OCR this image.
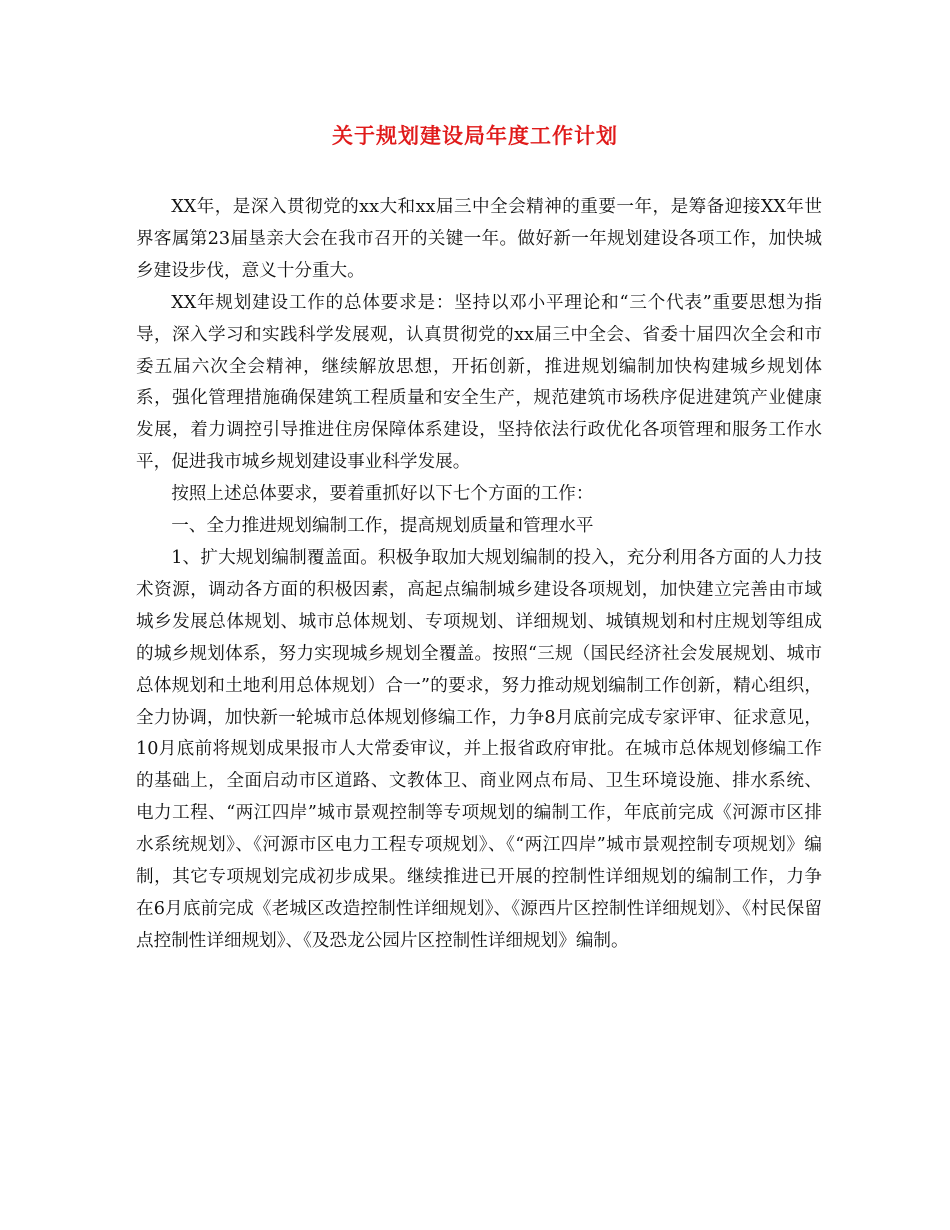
关于规划建设局年度工作计划

XX年，是深入贯彻党的xx大和xx届三中全会精神的重要一年，是筹备迎接XX年世界客属第23届垦亲大会在我市召开的关键一年。做好新一年规划建设各项工作，加快城乡建设步伐，意义十分重大。

XX年规划建设工作的总体要求是：坚持以邓小平理论和“三个代表”重要思想为指导，深入学习和实践科学发展观，认真贯彻党的xx届三中全会、省委十届四次全会和市委五届六次全会精神，继续解放思想，开拓创新，推进规划编制加快构建城乡规划体系，强化管理措施确保建筑工程质量和安全生产，规范建筑市场秩序促进建筑产业健康发展，着力调控引导推进住房保障体系建设，坚持依法行政优化各项管理和服务工作水平，促进我市城乡规划建设事业科学发展。

按照上述总体要求，要着重抓好以下七个方面的工作：

一、全力推进规划编制工作，提高规划质量和管理水平

1、扩大规划编制覆盖面。积极争取加大规划编制的投入，充分利用各方面的人力技术资源，调动各方面的积极因素，高起点编制城乡建设各项规划，加快建立完善由市域城乡发展总体规划、城市总体规划、专项规划、详细规划、城镇规划和村庄规划等组成的城乡规划体系，努力实现城乡规划全覆盖。按照“三规（国民经济社会发展规划、城市总体规划和土地利用总体规划）合一”的要求，努力推动规划编制工作创新，精心组织，全力协调，加快新一轮城市总体规划修编工作，力争8月底前完成专家评审、征求意见，10月底前将规划成果报市人大常委审议，并上报省政府审批。在城市总体规划修编工作的基础上，全面启动市区道路、文教体卫、商业网点布局、卫生环境设施、排水系统、电力工程、“两江四岸”城市景观控制等专项规划的编制工作，年底前完成《河源市区排水系统规划》、《河源市区电力工程专项规划》、《“两江四岸”城市景观控制专项规划》编制，其它专项规划完成初步成果。继续推进已开展的控制性详细规划的编制工作，力争在6月底前完成《老城区改造控制性详细规划》、《源西片区控制性详细规划》、《村民保留点控制性详细规划》、《及恐龙公园片区控制性详细规划》编制。
